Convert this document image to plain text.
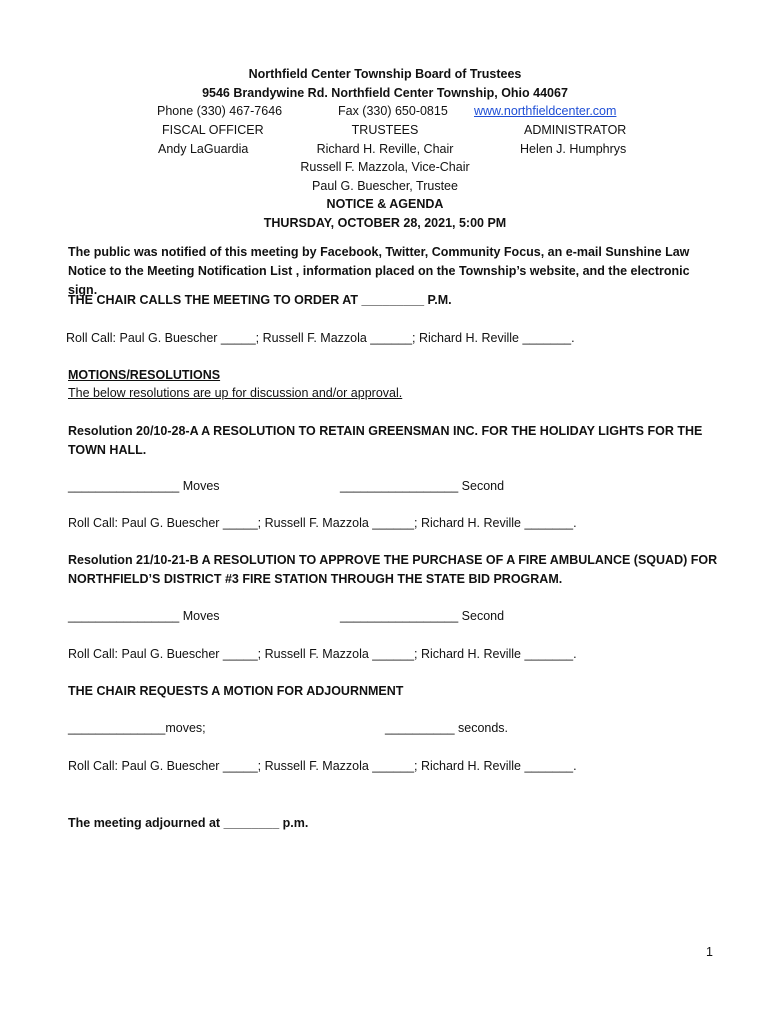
Northfield Center Township Board of Trustees
9546 Brandywine Rd. Northfield Center Township, Ohio 44067
Phone (330) 467-7646	Fax (330) 650-0815 www.northfieldcenter.com
FISCAL OFFICER	TRUSTEES	ADMINISTRATOR
Andy LaGuardia	Richard H. Reville, Chair	Helen J. Humphrys
Russell F. Mazzola, Vice-Chair
Paul G. Buescher, Trustee
NOTICE & AGENDA
THURSDAY, OCTOBER 28, 2021, 5:00 PM
The public was notified of this meeting by Facebook, Twitter, Community Focus, an e-mail Sunshine Law Notice to the Meeting Notification List , information placed on the Township’s website, and the electronic sign.
THE CHAIR CALLS THE MEETING TO ORDER AT _________ P.M.
Roll Call: Paul G. Buescher _____; Russell F. Mazzola ______; Richard H. Reville _______.
MOTIONS/RESOLUTIONS
The below resolutions are up for discussion and/or approval.
Resolution 20/10-28-A A RESOLUTION TO RETAIN GREENSMAN INC. FOR THE HOLIDAY LIGHTS FOR THE TOWN HALL.
________________ Moves	_________________ Second
Roll Call: Paul G. Buescher _____; Russell F. Mazzola ______; Richard H. Reville _______.
Resolution 21/10-21-B A RESOLUTION TO APPROVE THE PURCHASE OF A FIRE AMBULANCE (SQUAD) FOR NORTHFIELD’S DISTRICT #3 FIRE STATION THROUGH THE STATE BID PROGRAM.
________________ Moves	_________________ Second
Roll Call: Paul G. Buescher _____; Russell F. Mazzola ______; Richard H. Reville _______.
THE CHAIR REQUESTS A MOTION FOR ADJOURNMENT
______________moves;	__________ seconds.
Roll Call: Paul G. Buescher _____; Russell F. Mazzola ______; Richard H. Reville _______.
The meeting adjourned at ________ p.m.
1
